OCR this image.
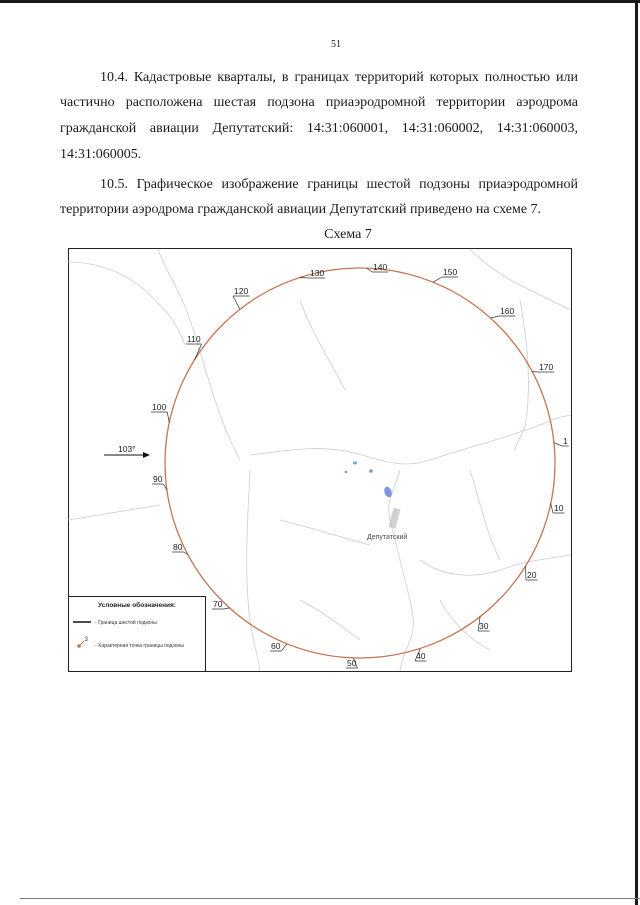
51
10.4. Кадастровые кварталы, в границах территорий которых полностью или
частично расположена шестая подзона приаэродромной территории аэродрома
гражданской авиации Депутатский: 14:31:060001, 14:31:060002, 14:31:060003,
14:31:060005.
10.5. Графическое изображение границы шестой подзоны приаэродромной
территории аэродрома гражданской авиации Депутатский приведено на схеме 7.
Схема 7
1
10
20
30
40
50
60
70
80
90
100
110
120
130
140	150
160
170
103°
Депутатский
Условные обозначения:
- Граница шестой подзоны
3
- Характерная точка границы подзоны
